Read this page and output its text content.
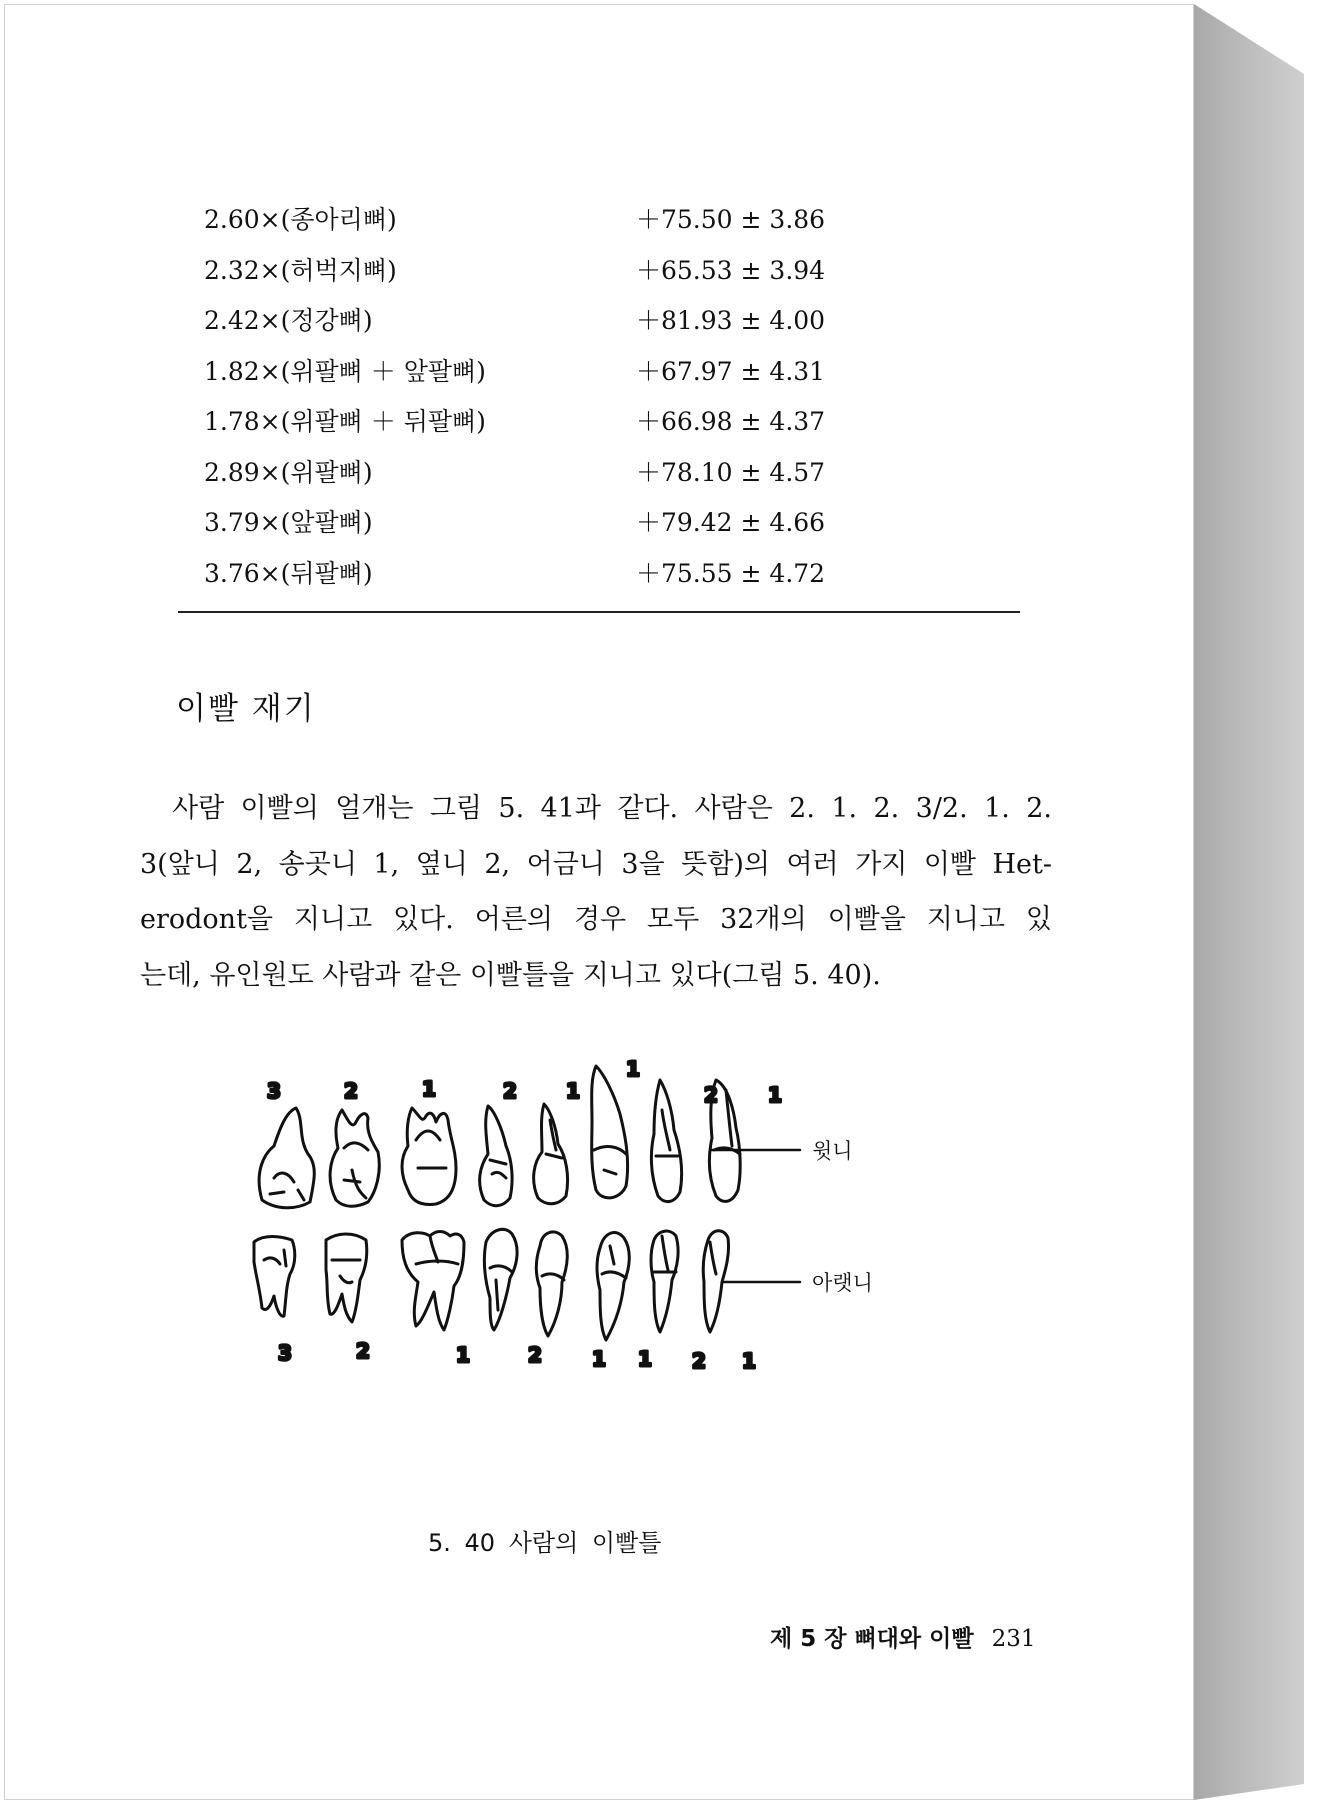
2.60×(종아리뼈)	＋75.50 ± 3.86
2.32×(허벅지뼈)	＋65.53 ± 3.94
2.42×(정강뼈)	＋81.93 ± 4.00
1.82×(위팔뼈 ＋ 앞팔뼈)	＋67.97 ± 4.31
1.78×(위팔뼈 ＋ 뒤팔뼈)	＋66.98 ± 4.37
2.89×(위팔뼈)	＋78.10 ± 4.57
3.79×(앞팔뼈)	＋79.42 ± 4.66
3.76×(뒤팔뼈)	＋75.55 ± 4.72
이빨 재기
사람 이빨의 얼개는 그림 5. 41과 같다. 사람은 2. 1. 2. 3/2. 1. 2.
3(앞니 2, 송곳니 1, 옆니 2, 어금니 3을 뜻함)의 여러 가지 이빨 Het-
erodont을 지니고 있다. 어른의 경우 모두 32개의 이빨을 지니고 있
는데, 유인원도 사람과 같은 이빨틀을 지니고 있다(그림 5. 40).
3	2	1	2 1
1
2	1
윗니
아랫니
3	2	1	2	1 1 2 1
5. 40 사람의 이빨틀
제 5 장 뼈대와 이빨 231
